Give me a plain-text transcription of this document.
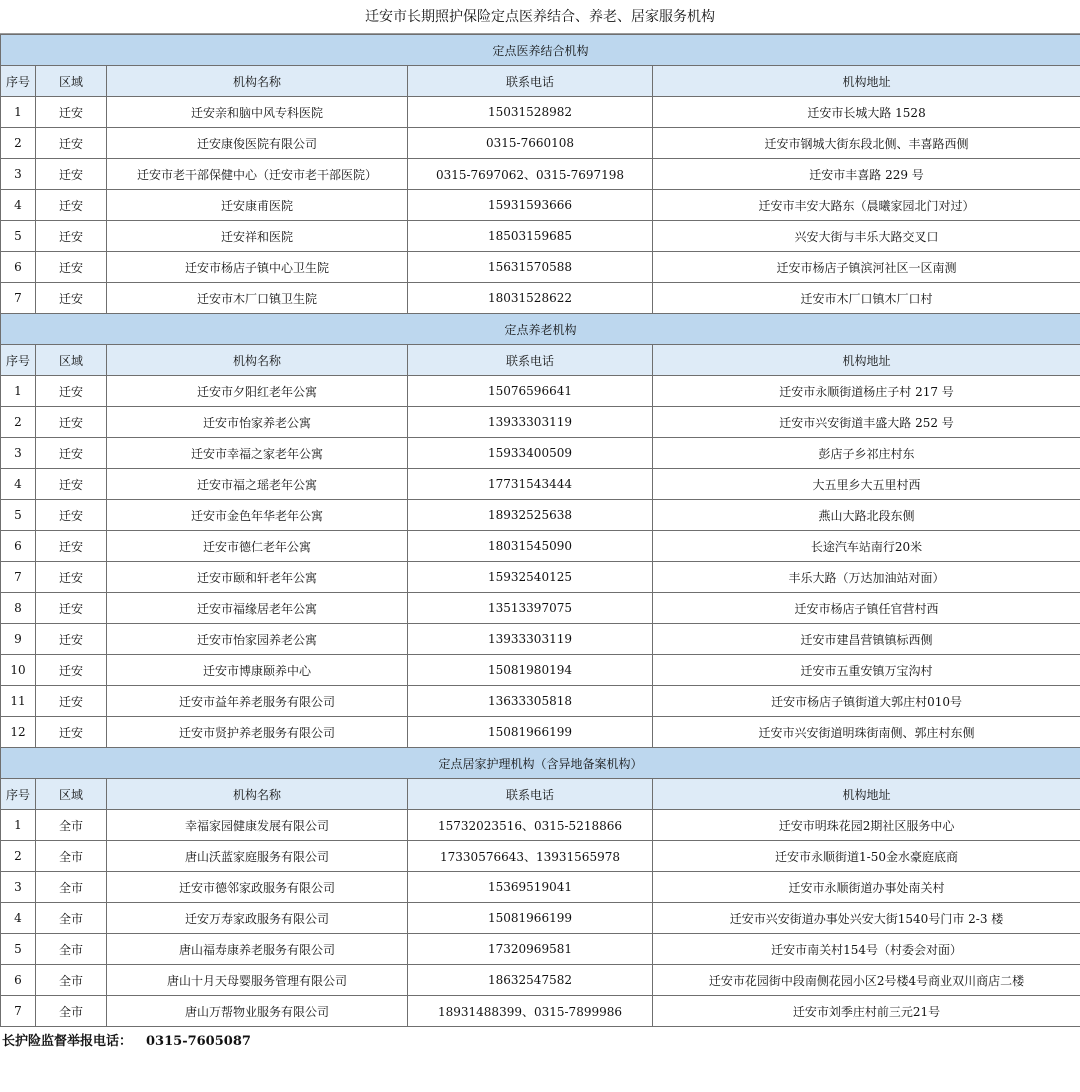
迁安市长期照护保险定点医养结合、养老、居家服务机构
定点医养结合机构				
序号	区域	机构名称	联系电话	机构地址
1	迁安	迁安亲和脑中风专科医院	15031528982	迁安市长城大路 1528
2	迁安	迁安康俊医院有限公司	0315-7660108	迁安市钢城大街东段北侧、丰喜路西侧
3	迁安	迁安市老干部保健中心（迁安市老干部医院）	0315-7697062、0315-7697198	迁安市丰喜路 229 号
4	迁安	迁安康甫医院	15931593666	迁安市丰安大路东（晨曦家园北门对过）
5	迁安	迁安祥和医院	18503159685	兴安大街与丰乐大路交叉口
6	迁安	迁安市杨店子镇中心卫生院	15631570588	迁安市杨店子镇滨河社区一区南测
7	迁安	迁安市木厂口镇卫生院	18031528622	迁安市木厂口镇木厂口村
定点养老机构				
序号	区域	机构名称	联系电话	机构地址
1	迁安	迁安市夕阳红老年公寓	15076596641	迁安市永顺街道杨庄子村 217 号
2	迁安	迁安市怡家养老公寓	13933303119	迁安市兴安街道丰盛大路 252 号
3	迁安	迁安市幸福之家老年公寓	15933400509	彭店子乡祁庄村东
4	迁安	迁安市福之瑶老年公寓	17731543444	大五里乡大五里村西
5	迁安	迁安市金色年华老年公寓	18932525638	燕山大路北段东侧
6	迁安	迁安市德仁老年公寓	18031545090	长途汽车站南行20米
7	迁安	迁安市颐和轩老年公寓	15932540125	丰乐大路（万达加油站对面）
8	迁安	迁安市福缘居老年公寓	13513397075	迁安市杨店子镇任官营村西
9	迁安	迁安市怡家园养老公寓	13933303119	迁安市建昌营镇镇标西侧
10	迁安	迁安市博康颐养中心	15081980194	迁安市五重安镇万宝沟村
11	迁安	迁安市益年养老服务有限公司	13633305818	迁安市杨店子镇街道大郭庄村010号
12	迁安	迁安市贤护养老服务有限公司	15081966199	迁安市兴安街道明珠街南侧、郭庄村东侧
定点居家护理机构（含异地备案机构）				
序号	区域	机构名称	联系电话	机构地址
1	全市	幸福家园健康发展有限公司	15732023516、0315-5218866	迁安市明珠花园2期社区服务中心
2	全市	唐山沃蓝家庭服务有限公司	17330576643、13931565978	迁安市永顺街道1-50金水豪庭底商
3	全市	迁安市德邻家政服务有限公司	15369519041	迁安市永顺街道办事处南关村
4	全市	迁安万寿家政服务有限公司	15081966199	迁安市兴安街道办事处兴安大街1540号门市 2-3 楼
5	全市	唐山福寿康养老服务有限公司	17320969581	迁安市南关村154号（村委会对面）
6	全市	唐山十月天母婴服务管理有限公司	18632547582	迁安市花园街中段南侧花园小区2号楼4号商业双川商店二楼
7	全市	唐山万帮物业服务有限公司	18931488399、0315-7899986	迁安市刘季庄村前三元21号
长护险监督举报电话： 0315-7605087
